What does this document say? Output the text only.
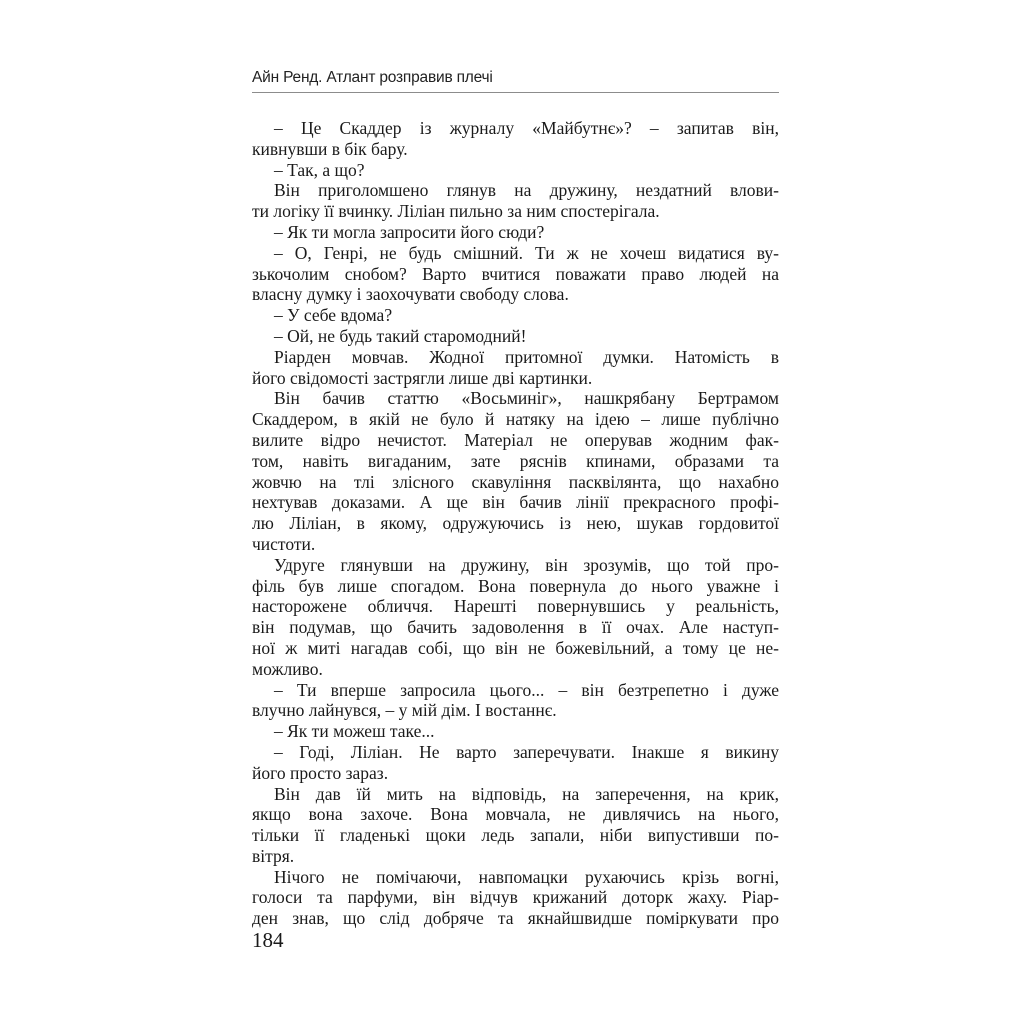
Айн Ренд. Атлант розправив плечі
– Це Скаддер із журналу «Майбутнє»? – запитав він,
кивнувши в бік бару.
– Так, а що?
Він приголомшено глянув на дружину, нездатний влови-
ти логіку її вчинку. Ліліан пильно за ним спостерігала.
– Як ти могла запросити його сюди?
– О, Генрі, не будь смішний. Ти ж не хочеш видатися ву-
зькочолим снобом? Варто вчитися поважати право людей на
власну думку і заохочувати свободу слова.
– У себе вдома?
– Ой, не будь такий старомодний!
Ріарден мовчав. Жодної притомної думки. Натомість в
його свідомості застрягли лише дві картинки.
Він бачив статтю «Восьминіг», нашкрябану Бертрамом
Скаддером, в якій не було й натяку на ідею – лише публічно
вилите відро нечистот. Матеріал не оперував жодним фак-
том, навіть вигаданим, зате ряснів кпинами, образами та
жовчю на тлі злісного скавуління пасквілянта, що нахабно
нехтував доказами. А ще він бачив лінії прекрасного профі-
лю Ліліан, в якому, одружуючись із нею, шукав гордовитої
чистоти.
Удруге глянувши на дружину, він зрозумів, що той про-
філь був лише спогадом. Вона повернула до нього уважне і
насторожене обличчя. Нарешті повернувшись у реальність,
він подумав, що бачить задоволення в її очах. Але наступ-
ної ж миті нагадав собі, що він не божевільний, а тому це не-
можливо.
– Ти вперше запросила цього... – він безтрепетно і дуже
влучно лайнувся, – у мій дім. І востаннє.
– Як ти можеш таке...
– Годі, Ліліан. Не варто заперечувати. Інакше я викину
його просто зараз.
Він дав їй мить на відповідь, на заперечення, на крик,
якщо вона захоче. Вона мовчала, не дивлячись на нього,
тільки її гладенькі щоки ледь запали, ніби випустивши по-
вітря.
Нічого не помічаючи, навпомацки рухаючись крізь вогні,
голоси та парфуми, він відчув крижаний доторк жаху. Ріар-
ден знав, що слід добряче та якнайшвидше поміркувати про
184
